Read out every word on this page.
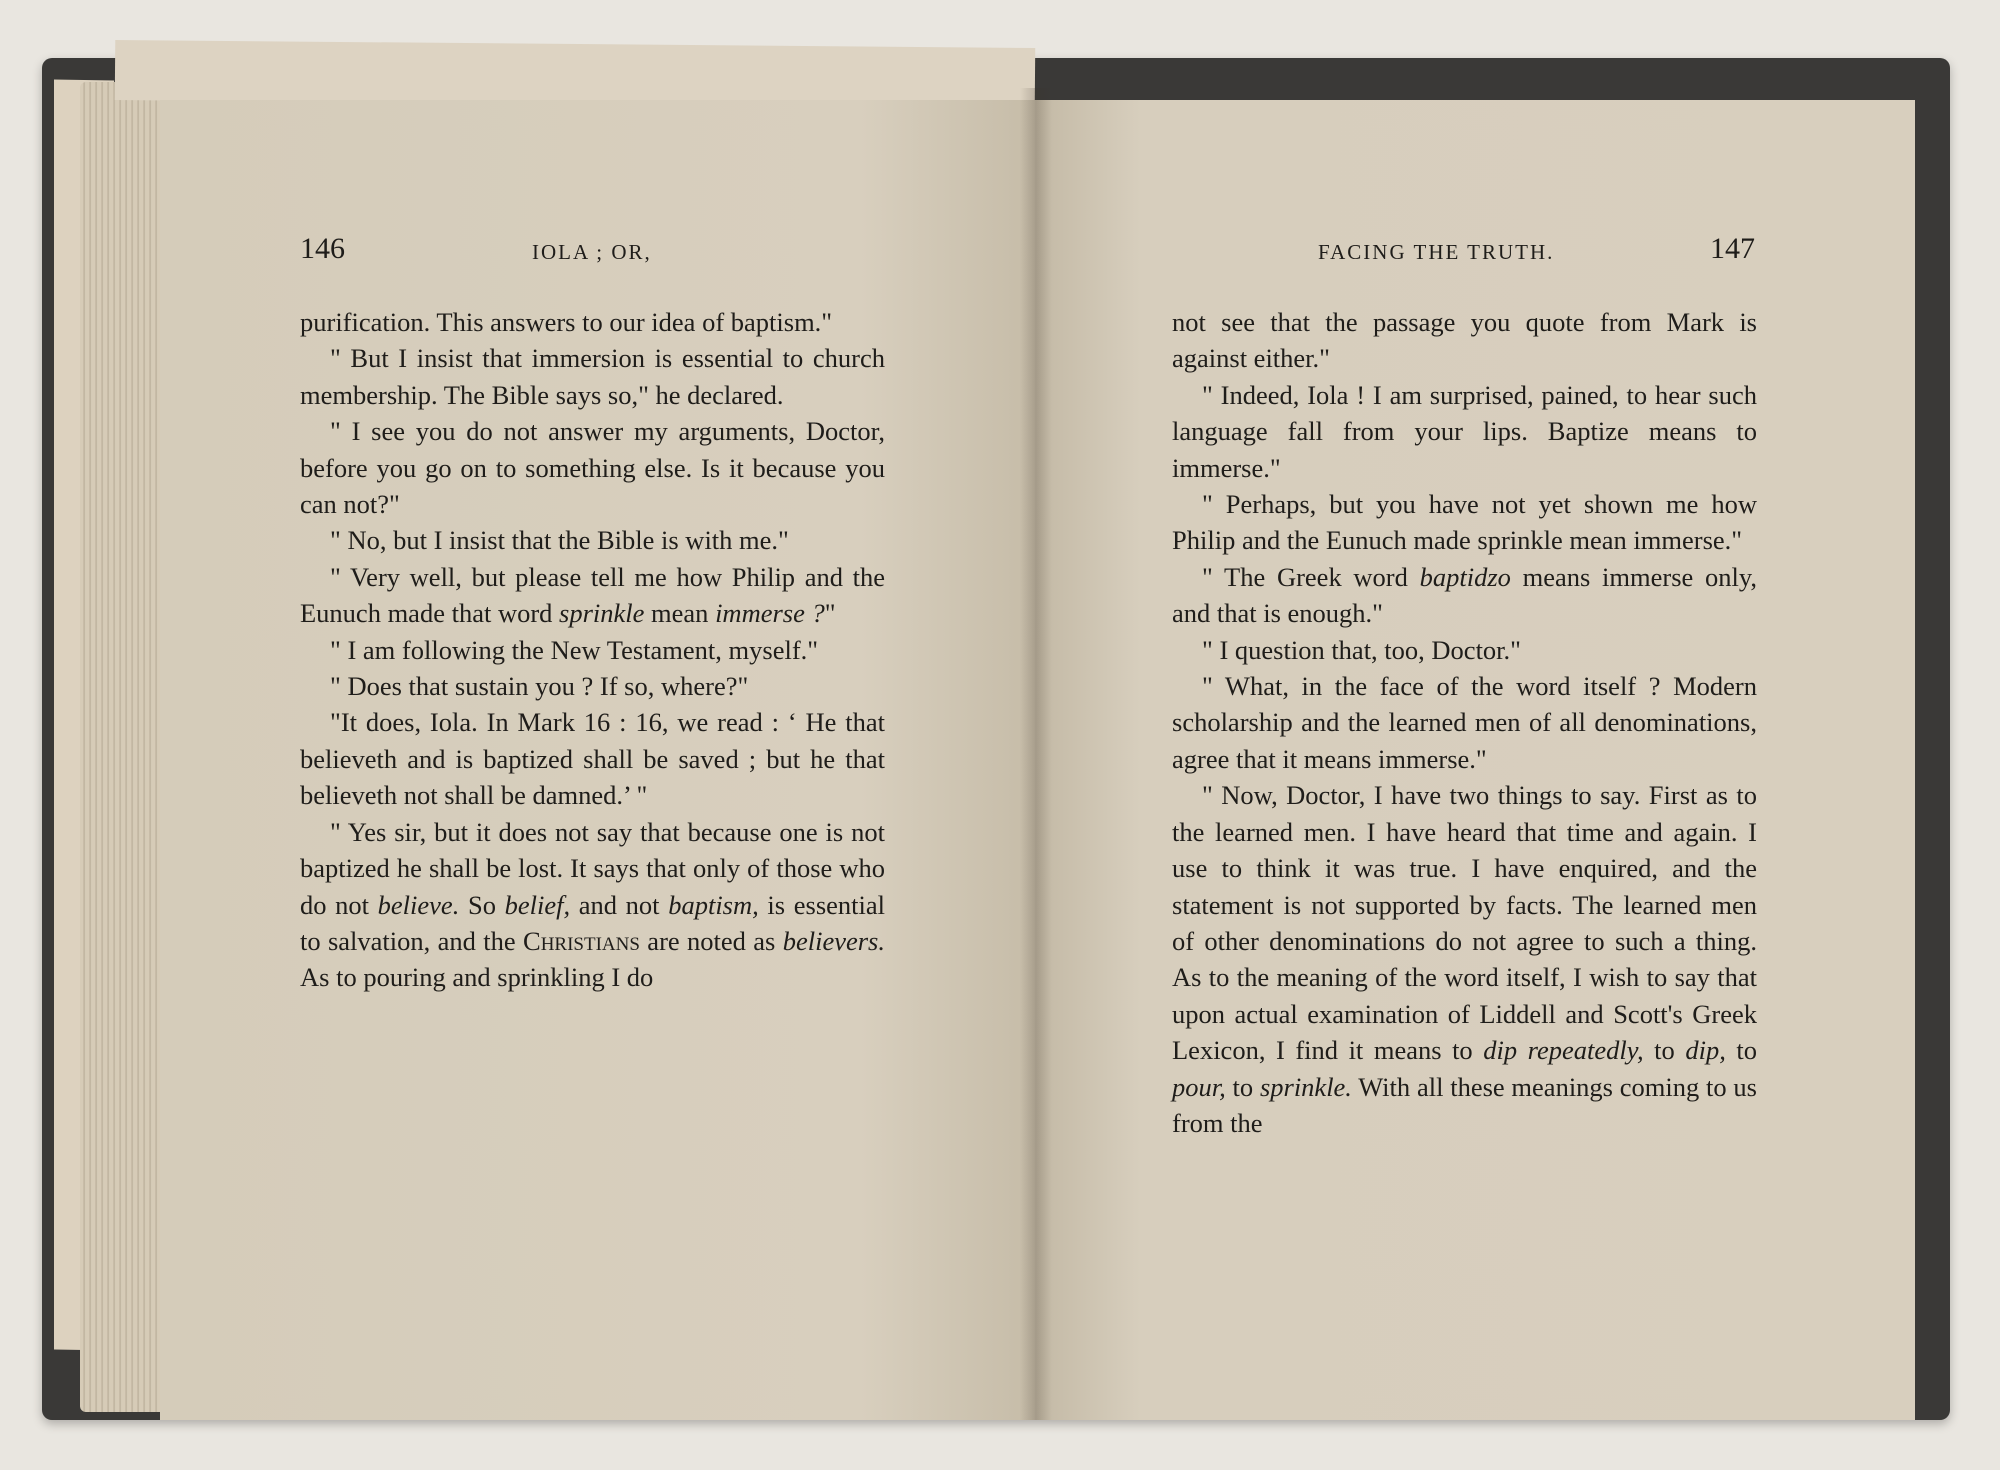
146	IOLA ; OR,	FACING THE TRUTH.	147

purification. This answers to our idea of baptism."

" But I insist that immersion is essential to church membership. The Bible says so," he declared.

" I see you do not answer my arguments, Doctor, before you go on to something else. Is it because you can not?"

" No, but I insist that the Bible is with me."

" Very well, but please tell me how Philip and the Eunuch made that word sprinkle mean immerse ?"

" I am following the New Testament, myself."

" Does that sustain you ? If so, where?"

"It does, Iola. In Mark 16 : 16, we read : ‘ He that believeth and is baptized shall be saved ; but he that believeth not shall be damned.’ "

" Yes sir, but it does not say that because one is not baptized he shall be lost. It says that only of those who do not believe. So belief, and not baptism, is essential to salvation, and the Christians are noted as believers. As to pouring and sprinkling I do

not see that the passage you quote from Mark is against either."

" Indeed, Iola ! I am surprised, pained, to hear such language fall from your lips. Baptize means to immerse."

" Perhaps, but you have not yet shown me how Philip and the Eunuch made sprinkle mean immerse."

" The Greek word baptidzo means immerse only, and that is enough."

" I question that, too, Doctor."

" What, in the face of the word itself ? Modern scholarship and the learned men of all denominations, agree that it means immerse."

" Now, Doctor, I have two things to say. First as to the learned men. I have heard that time and again. I use to think it was true. I have enquired, and the statement is not supported by facts. The learned men of other denominations do not agree to such a thing. As to the meaning of the word itself, I wish to say that upon actual examination of Liddell and Scott's Greek Lexicon, I find it means to dip repeatedly, to dip, to pour, to sprinkle. With all these meanings coming to us from the
